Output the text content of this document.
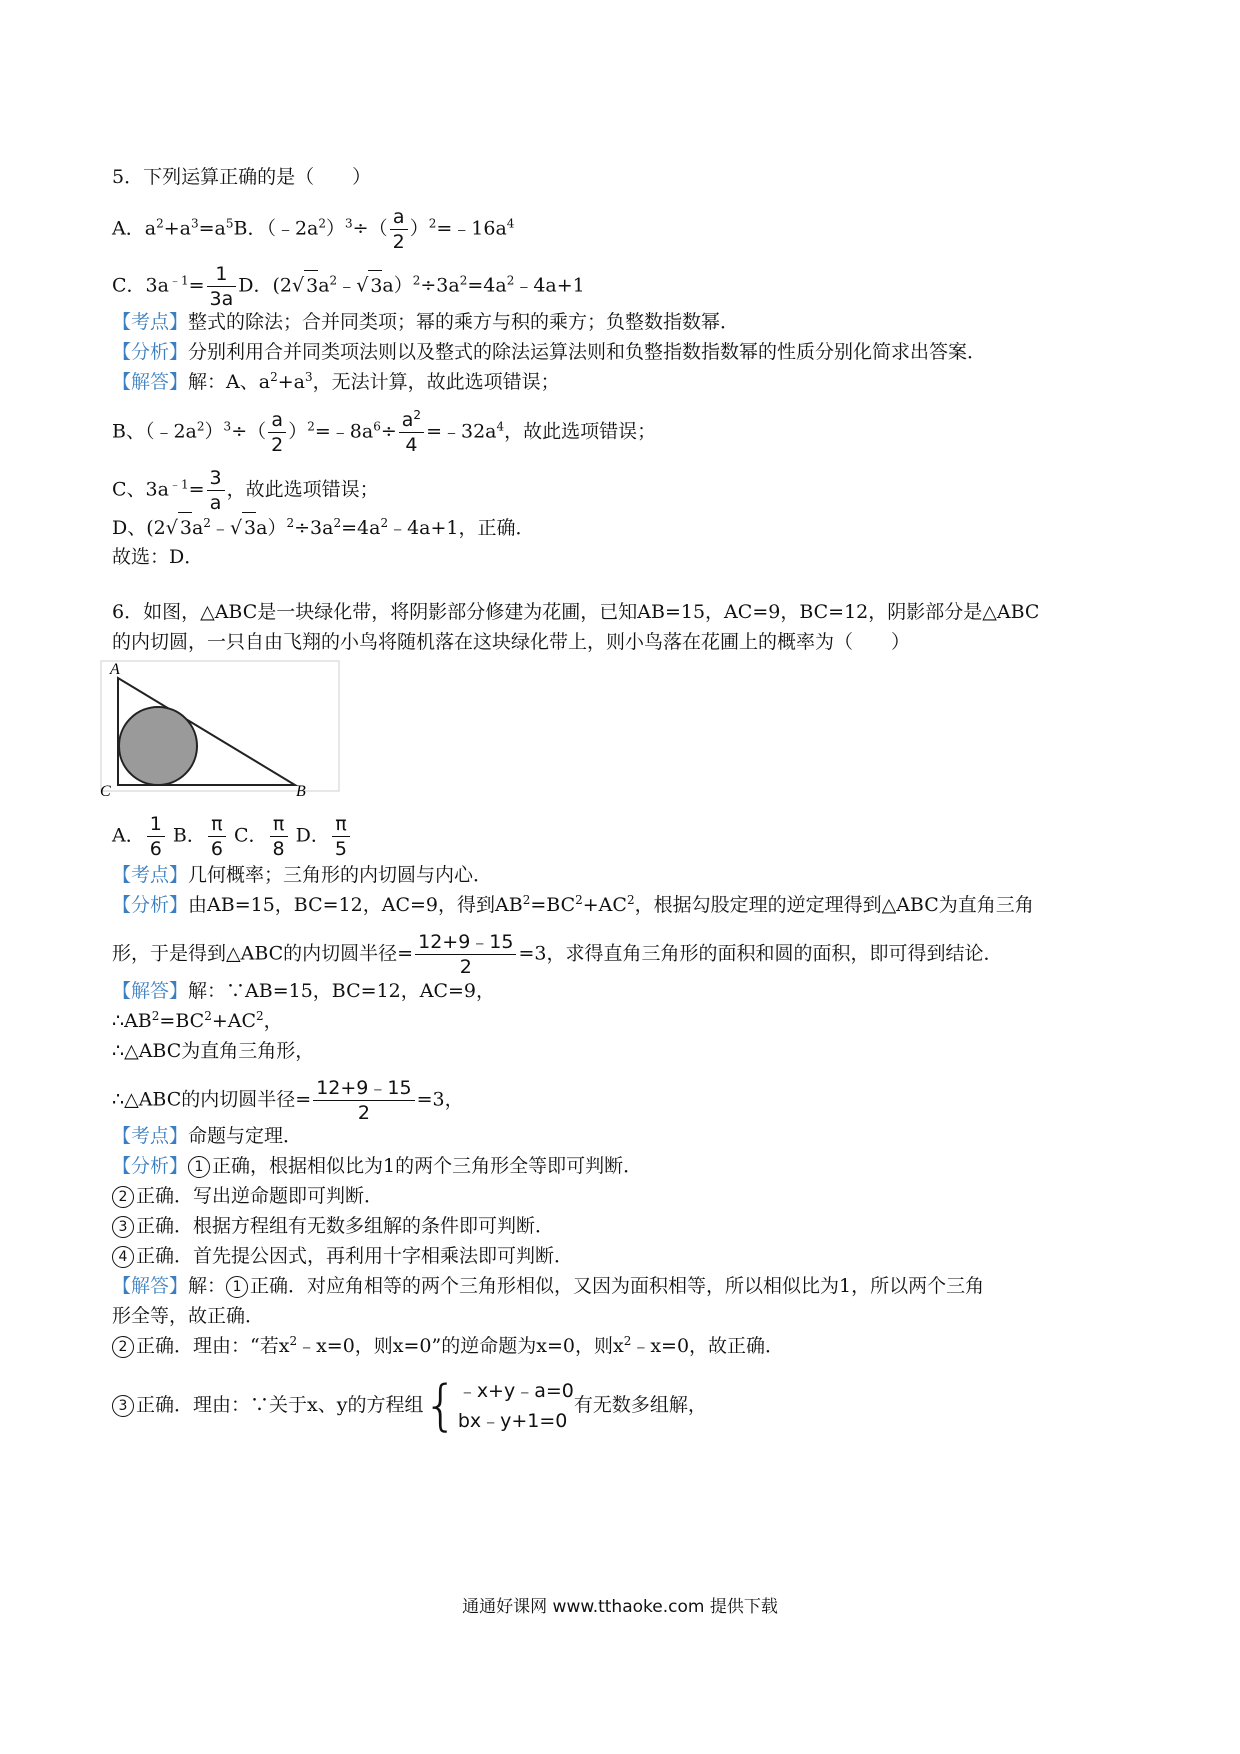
5．下列运算正确的是（　　）
A．$a^2+a^3=a^5B$．$(﹣2a^2)^3\div( \frac{a}{2}$ ）$^2=﹣16a^4$
C．$3a^{﹣1}= \frac{1}{3a}$ D．(2√ $3a^2﹣√$ $3a)^2\div 3a^2=4a^2﹣4a+1$
【考点】整式的除法；合并同类项；幂的乘方与积的乘方；负整数指数幂．
【分析】分别利用合并同类项法则以及整式的除法运算法则和负整指数指数幂的性质分别化简求出答案．
【解答】解：A、$a^2+a^3$，无法计算，故此选项错误；
B、$(﹣2a^2)^3\div( \frac{a}{2}$ ）$^2=﹣8a^6\div \frac{a^2}{4}$ $=﹣32a^4$，故此选项错误；
C、$3a^{﹣1}= \frac{3}{a}$ ，故此选项错误；
D、(2√ $3a^2﹣√$ $3a)^2\div 3a^2=4a^2﹣4a+1$，正确．
故选：D．
6．如图，△ABC是一块绿化带，将阴影部分修建为花圃，已知AB=15，AC=9，BC=12，阴影部分是△ABC
的内切圆，一只自由飞翔的小鸟将随机落在这块绿化带上，则小鸟落在花圃上的概率为（　　）
A
C	B
A． $\frac{1}{6}$ B． $\frac{\pi}{6}$ C． $\frac{\pi}{8}$ D． $\frac{\pi}{5}$
【考点】几何概率；三角形的内切圆与内心．
【分析】由AB=15，BC=12，AC=9，得到$AB^2=BC^2+AC^2$，根据勾股定理的逆定理得到△ABC为直角三角
形，于是得到△ABC的内切圆半径= $\frac{12+9﹣15}{2} =3$，求得直角三角形的面积和圆的面积，即可得到结论．
【解答】解：∵AB=15，BC=12，AC=9，
$\therefore AB^2=BC^2+AC^2$，
∴△ABC为直角三角形，
∴△ABC的内切圆半径= $\frac{12+9﹣15}{2} =3$，
【考点】命题与定理．
【分析】 1 正确，根据相似比为1的两个三角形全等即可判断．
2 正确．写出逆命题即可判断．
3 正确．根据方程组有无数多组解的条件即可判断．
4 正确．首先提公因式，再利用十字相乘法即可判断．
【解答】解： 1 正确．对应角相等的两个三角形相似，又因为面积相等，所以相似比为1，所以两个三角
形全等，故正确．
2 正确．理由：“若$x^2﹣x=0$，则x=0”的逆命题为x=0，则$x^2﹣x=0$，故正确．
3 正确．理由：∵关于x、y的方程组{ ﹣x+y﹣a=0
bx﹣y+1=0
有无数多组解，
通通好课网 www.tthaoke.com 提供下载
